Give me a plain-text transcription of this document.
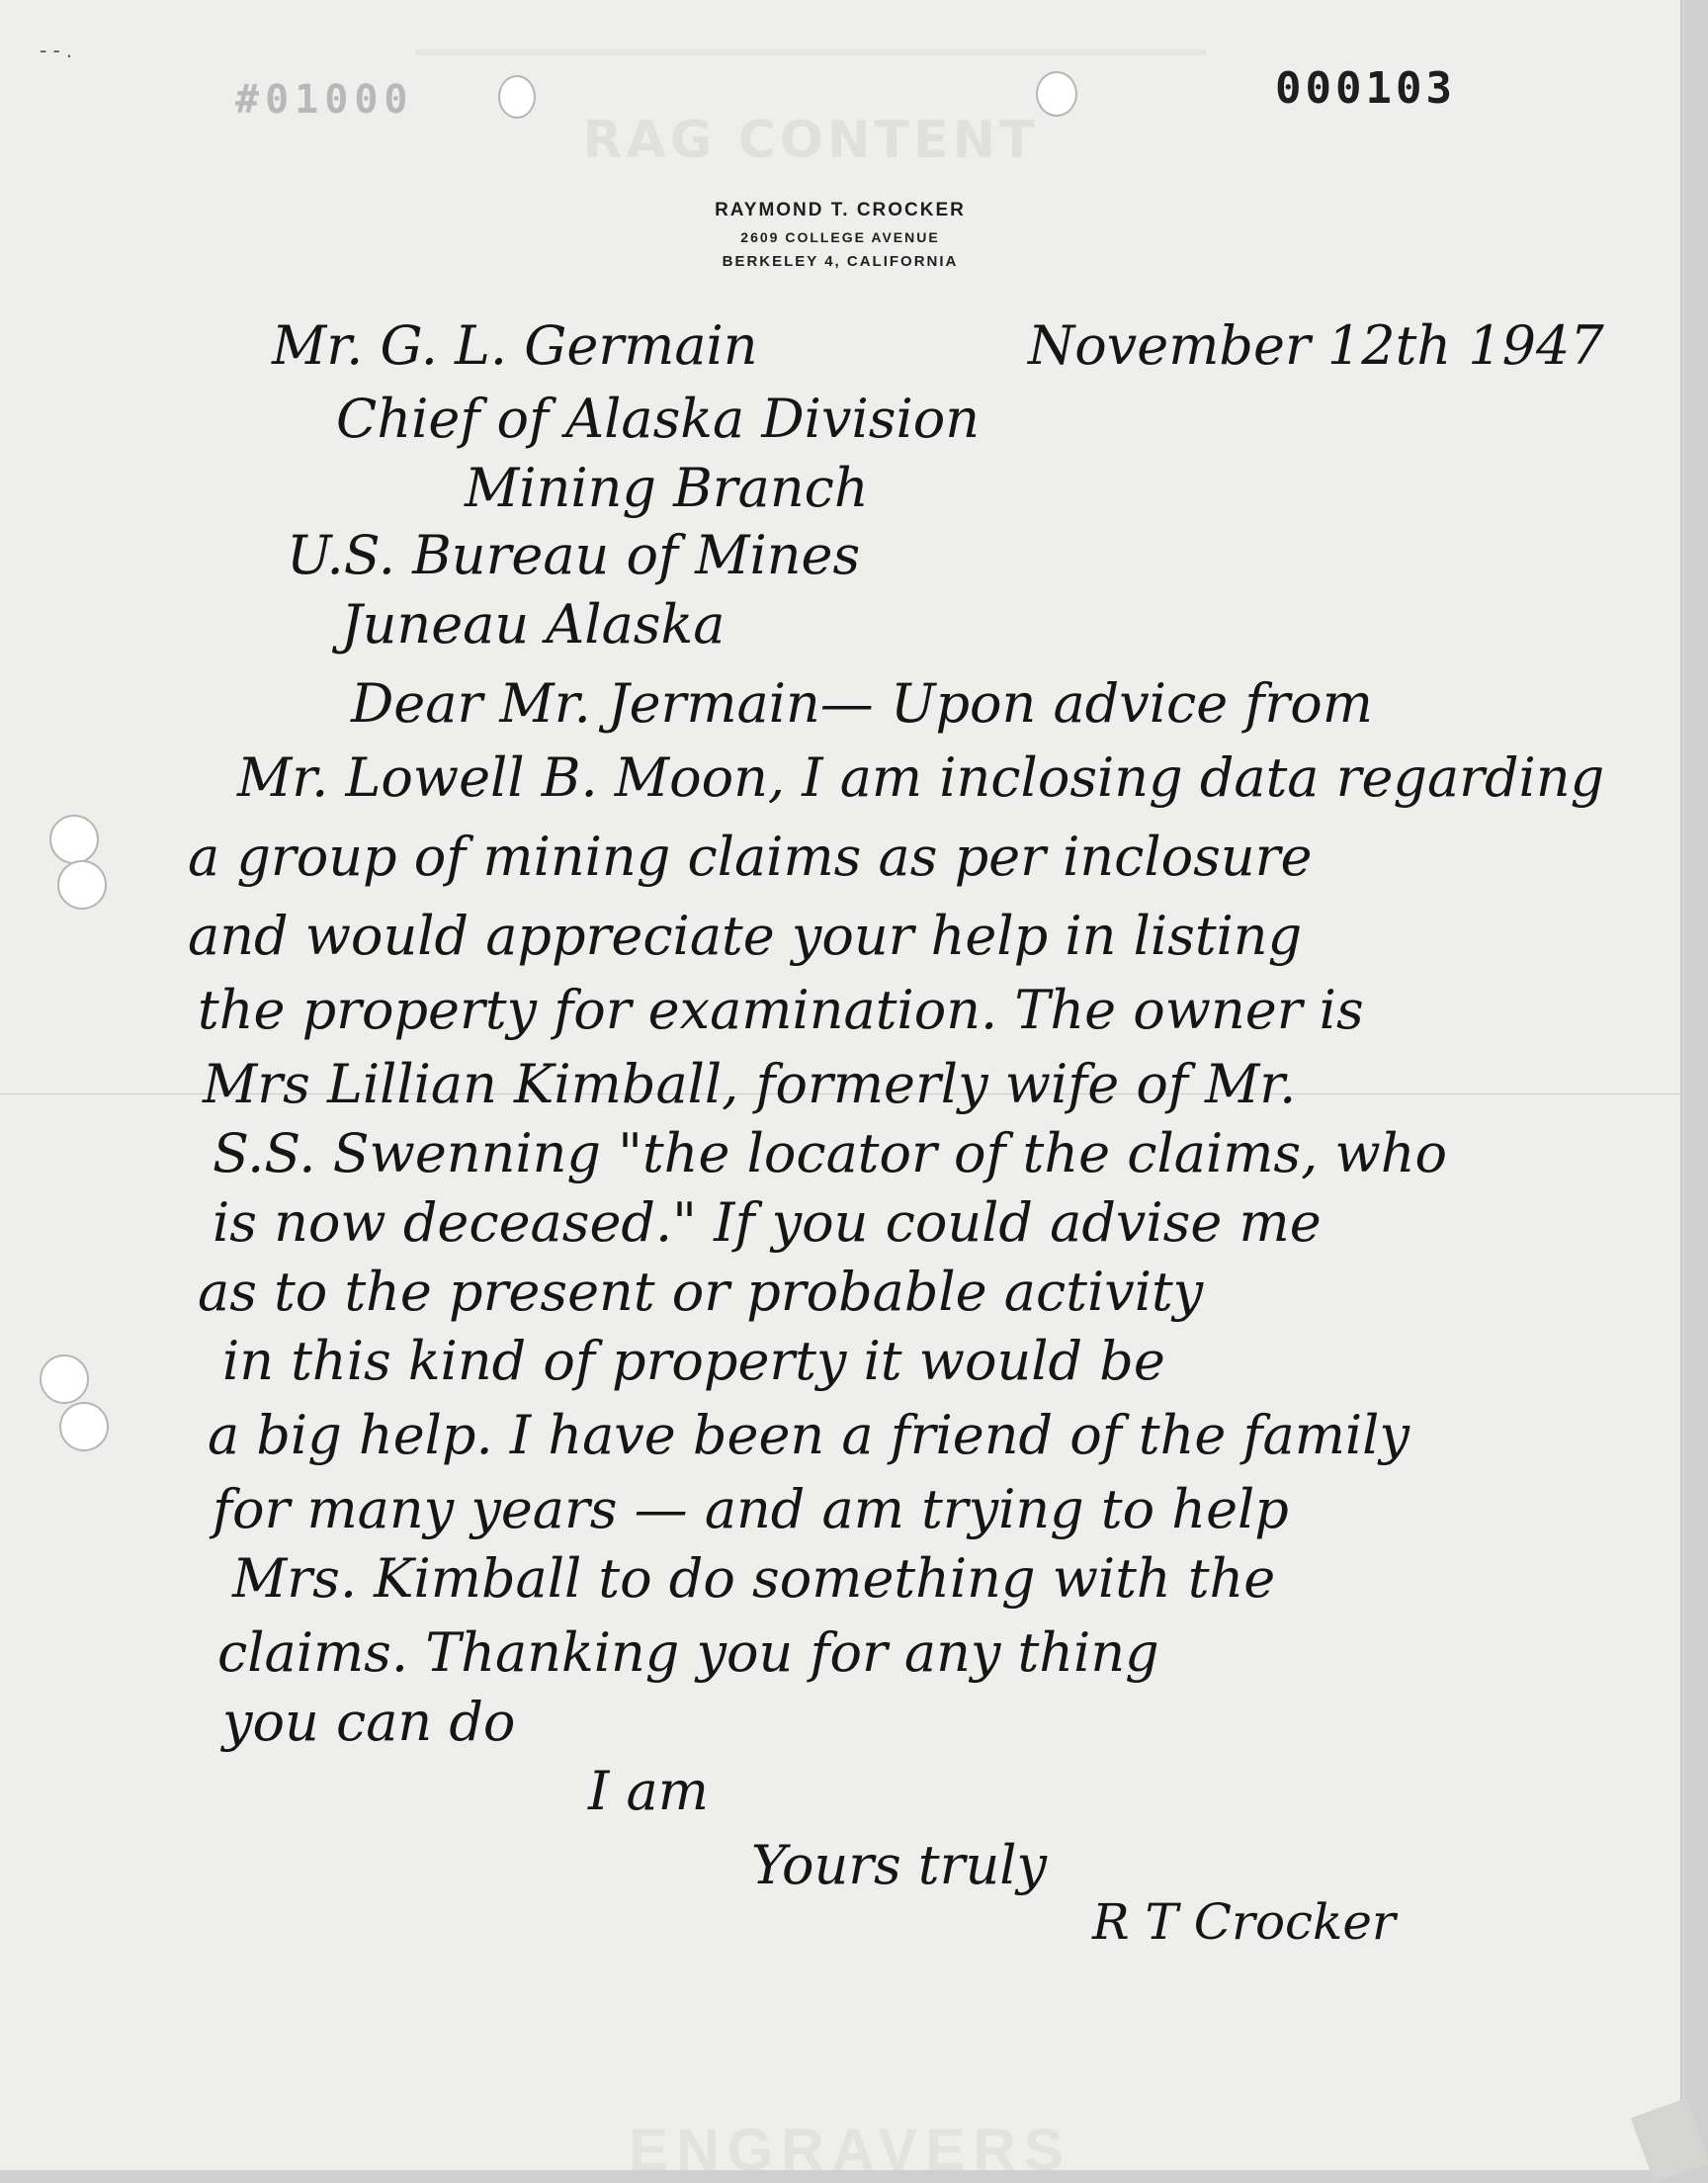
RAG CONTENT
ENGRAVERS
- ‑ .
#01000	000103
RAYMOND T. CROCKER
2609 COLLEGE AVENUE
BERKELEY 4, CALIFORNIA
November 12th 1947
Mr. G. L. Germain
Chief of Alaska Division
Mining Branch
U.S. Bureau of Mines
Juneau Alaska
Dear Mr. Jermain— Upon advice from
Mr. Lowell B. Moon, I am inclosing data regarding
a group of mining claims as per inclosure
and would appreciate your help in listing
the property for examination. The owner is
Mrs Lillian Kimball, formerly wife of Mr.
S.S. Swenning "the locator of the claims, who
is now deceased." If you could advise me
as to the present or probable activity
in this kind of property it would be
a big help. I have been a friend of the family
for many years — and am trying to help
Mrs. Kimball to do something with the
claims. Thanking you for any thing
you can do
I am
Yours truly
R T Crocker
